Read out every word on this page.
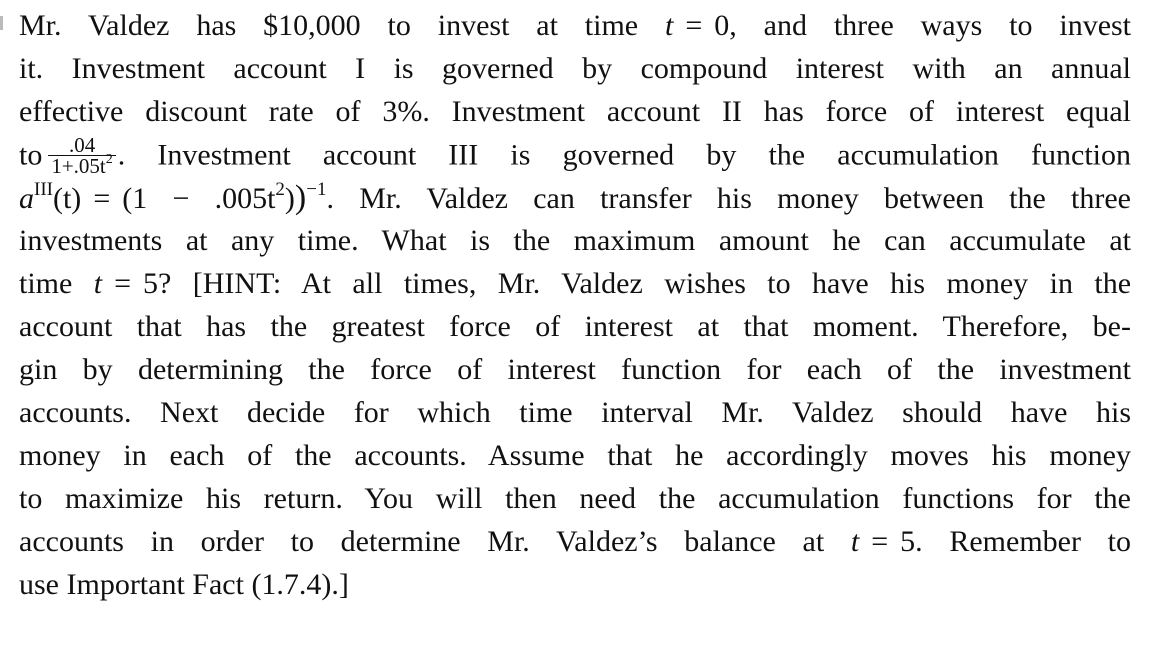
Mr. Valdez has $10,000 to invest at time t = 0, and three ways to invest
it. Investment account I is governed by compound interest with an annual
effective discount rate of 3%. Investment account II has force of interest equal
to $\frac{.04}{1+.05t^2}$ . Investment account III is governed by the accumulation function
$a^{III}(t) = (1 - .005t^2))^{-1}$. Mr. Valdez can transfer his money between the three
investments at any time. What is the maximum amount he can accumulate at
time t = 5? [HINT: At all times, Mr. Valdez wishes to have his money in the
account that has the greatest force of interest at that moment. Therefore, be-
gin by determining the force of interest function for each of the investment
accounts. Next decide for which time interval Mr. Valdez should have his
money in each of the accounts. Assume that he accordingly moves his money
to maximize his return. You will then need the accumulation functions for the
accounts in order to determine Mr. Valdez’s balance at t = 5. Remember to
use Important Fact (1.7.4).]
